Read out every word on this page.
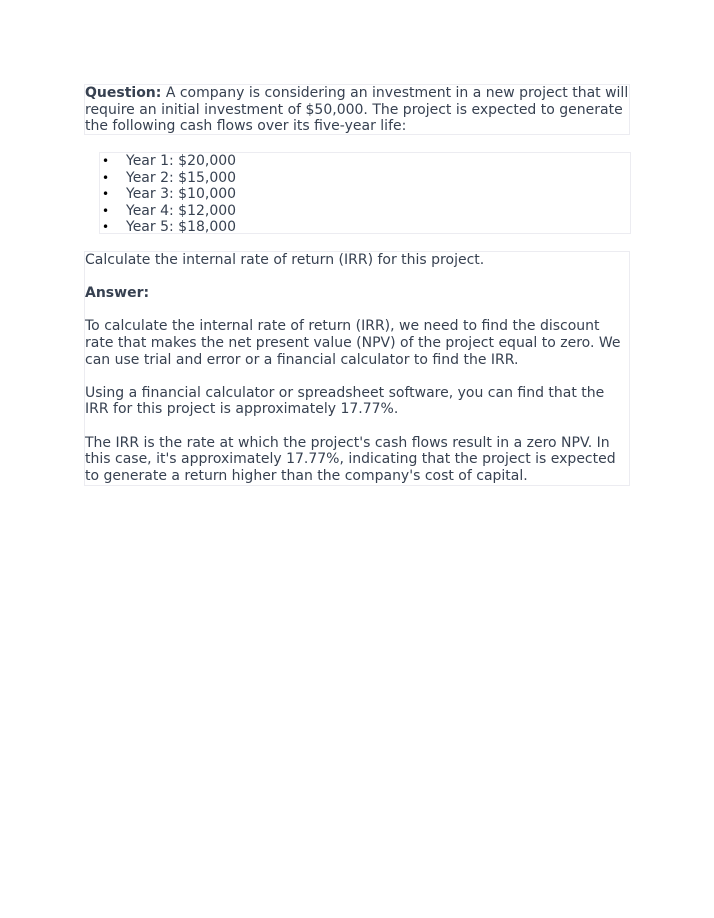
Question: A company is considering an investment in a new project that will require an initial investment of $50,000. The project is expected to generate the following cash flows over its five-year life:

• Year 1: $20,000
• Year 2: $15,000
• Year 3: $10,000
• Year 4: $12,000
• Year 5: $18,000

Calculate the internal rate of return (IRR) for this project.

Answer:

To calculate the internal rate of return (IRR), we need to find the discount rate that makes the net present value (NPV) of the project equal to zero. We can use trial and error or a financial calculator to find the IRR.

Using a financial calculator or spreadsheet software, you can find that the IRR for this project is approximately 17.77%.

The IRR is the rate at which the project's cash flows result in a zero NPV. In this case, it's approximately 17.77%, indicating that the project is expected to generate a return higher than the company's cost of capital.
